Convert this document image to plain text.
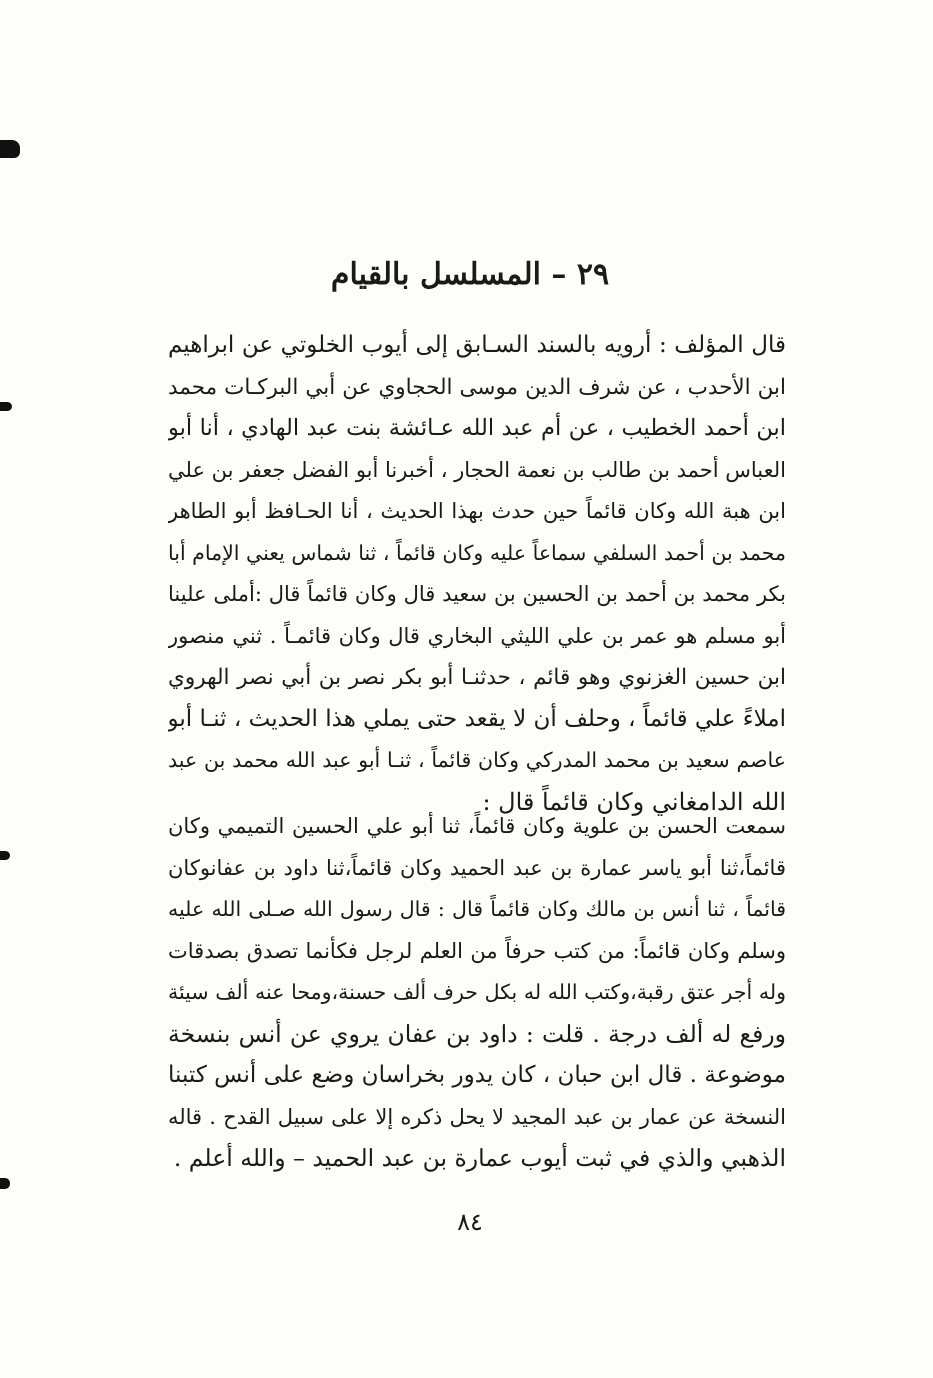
٢٩ – المسلسل بالقيام

قال المؤلف : أرويه بالسند السـابق إلى أيوب الخلوتي عن ابراهيم
ابن الأحدب ، عن شرف الدين موسى الحجاوي عن أبي البركـات محمد
ابن أحمد الخطيب ، عن أم عبد الله عـائشة بنت عبد الهادي ، أنا أبو
العباس أحمد بن طالب بن نعمة الحجار ، أخبرنا أبو الفضل جعفر بن علي
ابن هبة الله وكان قائماً حين حدث بهذا الحديث ، أنا الحـافظ أبو الطاهر
محمد بن أحمد السلفي سماعاً عليه وكان قائماً ، ثنا شماس يعني الإمام أبا
بكر محمد بن أحمد بن الحسين بن سعيد قال وكان قائماً قال :أملى علينا
أبو مسلم هو عمر بن علي الليثي البخاري قال وكان قائمـاً . ثني منصور
ابن حسين الغزنوي وهو قائم ، حدثنـا أبو بكر نصر بن أبي نصر الهروي
املاءً علي قائماً ، وحلف أن لا يقعد حتى يملي هذا الحديث ، ثنـا أبو
عاصم سعيد بن محمد المدركي وكان قائماً ، ثنـا أبو عبد الله محمد بن عبد
الله الدامغاني وكان قائماً قال :

سمعت الحسن بن علوية وكان قائماً، ثنا أبو علي الحسين التميمي وكان
قائماً،ثنا أبو ياسر عمارة بن عبد الحميد وكان قائماً،ثنا داود بن عفانوكان
قائماً ، ثنا أنس بن مالك وكان قائماً قال : قال رسول الله صـلى الله عليه
وسلم وكان قائماً: من كتب حرفاً من العلم لرجل فكأنما تصدق بصدقات
وله أجر عتق رقبة،وكتب الله له بكل حرف ألف حسنة،ومحا عنه ألف سيئة
ورفع له ألف درجة . قلت : داود بن عفان يروي عن أنس بنسخة
موضوعة . قال ابن حبان ، كان يدور بخراسان وضع على أنس كتبنا
النسخة عن عمار بن عبد المجيد لا يحل ذكره إلا على سبيل القدح . قاله
الذهبي والذي في ثبت أيوب عمارة بن عبد الحميد – والله أعلم .

٨٤
